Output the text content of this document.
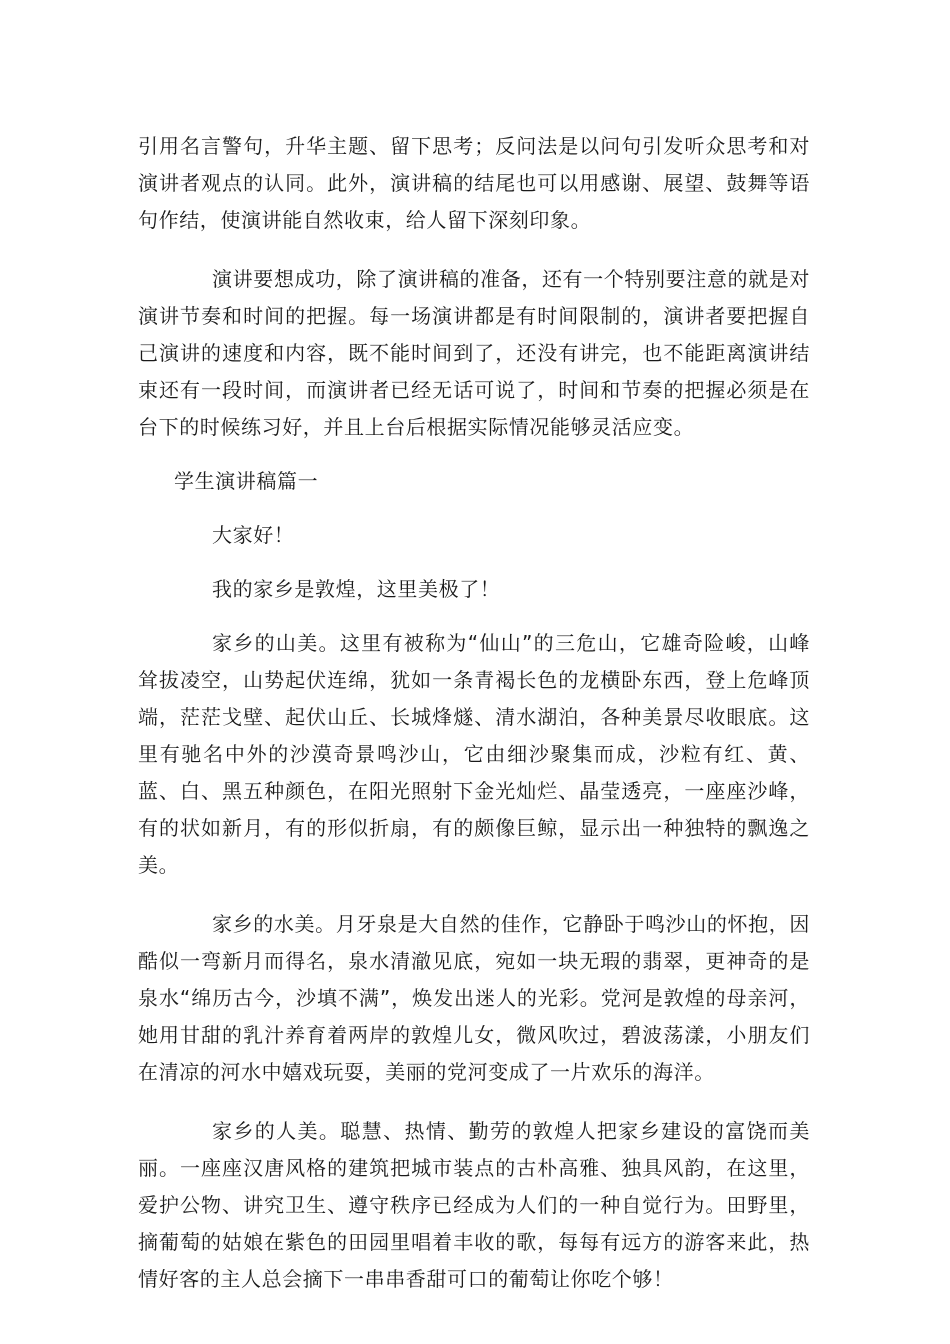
引用名言警句，升华主题、留下思考；反问法是以问句引发听众思考和对演讲者观点的认同。此外，演讲稿的结尾也可以用感谢、展望、鼓舞等语句作结，使演讲能自然收束，给人留下深刻印象。

演讲要想成功，除了演讲稿的准备，还有一个特别要注意的就是对演讲节奏和时间的把握。每一场演讲都是有时间限制的，演讲者要把握自己演讲的速度和内容，既不能时间到了，还没有讲完，也不能距离演讲结束还有一段时间，而演讲者已经无话可说了，时间和节奏的把握必须是在台下的时候练习好，并且上台后根据实际情况能够灵活应变。

学生演讲稿篇一

大家好！

我的家乡是敦煌，这里美极了！

家乡的山美。这里有被称为“仙山”的三危山，它雄奇险峻，山峰耸拔凌空，山势起伏连绵，犹如一条青褐长色的龙横卧东西，登上危峰顶端，茫茫戈壁、起伏山丘、长城烽燧、清水湖泊，各种美景尽收眼底。这里有驰名中外的沙漠奇景鸣沙山，它由细沙聚集而成，沙粒有红、黄、蓝、白、黑五种颜色，在阳光照射下金光灿烂、晶莹透亮，一座座沙峰，有的状如新月，有的形似折扇，有的颇像巨鲸，显示出一种独特的飘逸之美。

家乡的水美。月牙泉是大自然的佳作，它静卧于鸣沙山的怀抱，因酷似一弯新月而得名，泉水清澈见底，宛如一块无瑕的翡翠，更神奇的是泉水“绵历古今，沙填不满”，焕发出迷人的光彩。党河是敦煌的母亲河，她用甘甜的乳汁养育着两岸的敦煌儿女，微风吹过，碧波荡漾，小朋友们在清凉的河水中嬉戏玩耍，美丽的党河变成了一片欢乐的海洋。

家乡的人美。聪慧、热情、勤劳的敦煌人把家乡建设的富饶而美丽。一座座汉唐风格的建筑把城市装点的古朴高雅、独具风韵，在这里，爱护公物、讲究卫生、遵守秩序已经成为人们的一种自觉行为。田野里，摘葡萄的姑娘在紫色的田园里唱着丰收的歌，每每有远方的游客来此，热情好客的主人总会摘下一串串香甜可口的葡萄让你吃个够！
